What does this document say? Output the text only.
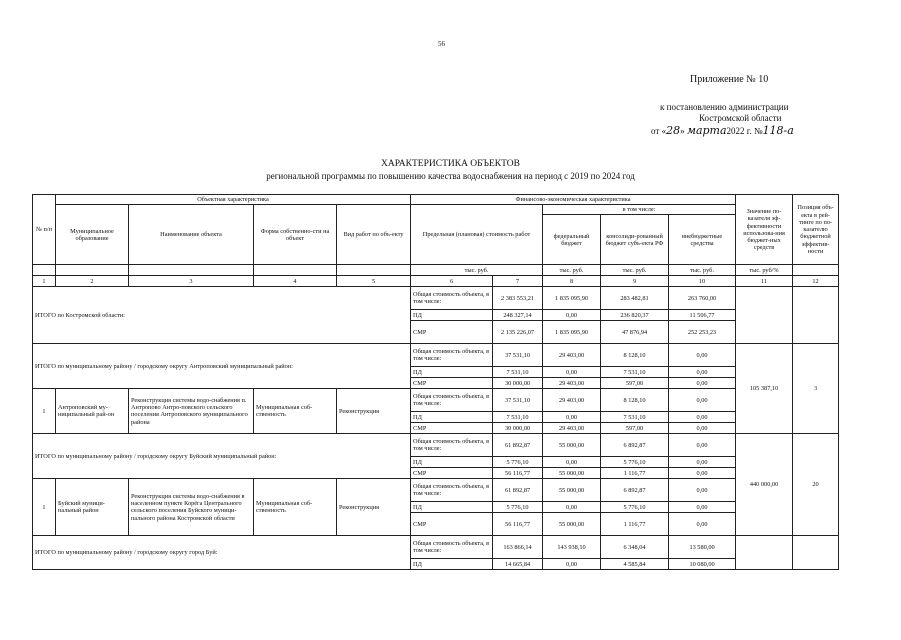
56
Приложение № 10
к постановлению администрации
Костромской области
от «28» марта2022 г. №118-а
ХАРАКТЕРИСТИКА ОБЪЕКТОВ
региональной программы по повышению качества водоснабжения на период с 2019 по 2024 год
№ п/п	Объектная характеристика				Финансово-экономическая характеристика					Значение по-казателя эф-фективности использова-ния бюджет-ных средств	Позиция объ-екта в рей-тинге по по-казателю бюджетной эффектив-ности
	Муниципальное образование	Наименование объекта	Форма собственно-сти на объект	Вид работ по объ-екту	Предельная (плановая) стоимость работ		в том числе:				
							федеральный бюджет	консолиди-рованный бюджет субъ-екта РФ	внебюджетные средства		
					тыс. руб.		тыс. руб.	тыс. руб.	тыс. руб.	тыс. руб/%	
1	2	3	4	5	6	7	8	9	10	11	12
ИТОГО по Костромской области:					Общая стоимость объекта, в том числе:	2 383 553,21	1 835 095,90	283 482,81	263 760,00		
					ПД	248 327,14	0,00	236 820,37	11 506,77		
					СМР	2 135 226,07	1 835 095,90	47 876,94	252 253,23		
ИТОГО по муниципальному району / городскому округу Антроповский муниципальный район:					Общая стоимость объекта, в том числе:	37 531,10	29 403,00	8 128,10	0,00	105 387,10	3
					ПД	7 531,10	0,00	7 531,10	0,00		
					СМР	30 000,00	29 403,00	597,00	0,00		
1	Антроповский му-ниципальный рай-он	Реконструкция системы водо-снабжения п. Антропово Антро-повского сельского поселения Антроповского муниципального района	Муниципальная соб-ственность	Реконструкция	Общая стоимость объекта, в том числе:	37 531,10	29 403,00	8 128,10	0,00		
					ПД	7 531,10	0,00	7 531,10	0,00		
					СМР	30 000,00	29 403,00	597,00	0,00		
ИТОГО по муниципальному району / городскому округу Буйский муниципальный район:					Общая стоимость объекта, в том числе:	61 892,87	55 000,00	6 892,87	0,00	440 000,00	20
					ПД	5 776,10	0,00	5 776,10	0,00		
					СМР	56 116,77	55 000,00	1 116,77	0,00		
1	Буйский муници-пальный район	Реконструкция системы водо-снабжения в населенном пункте Корёга Центрального сельского поселения Буйского муници-пального района Костромской области	Муниципальная соб-ственность	Реконструкция	Общая стоимость объекта, в том числе:	61 892,87	55 000,00	6 892,87	0,00		
					ПД	5 776,10	0,00	5 776,10	0,00		
					СМР	56 116,77	55 000,00	1 116,77	0,00		
ИТОГО по муниципальному району / городскому округу город Буй:					Общая стоимость объекта, в том числе:	163 866,14	143 938,10	6 348,04	13 580,00		
					ПД	14 665,84	0,00	4 585,84	10 080,00		
